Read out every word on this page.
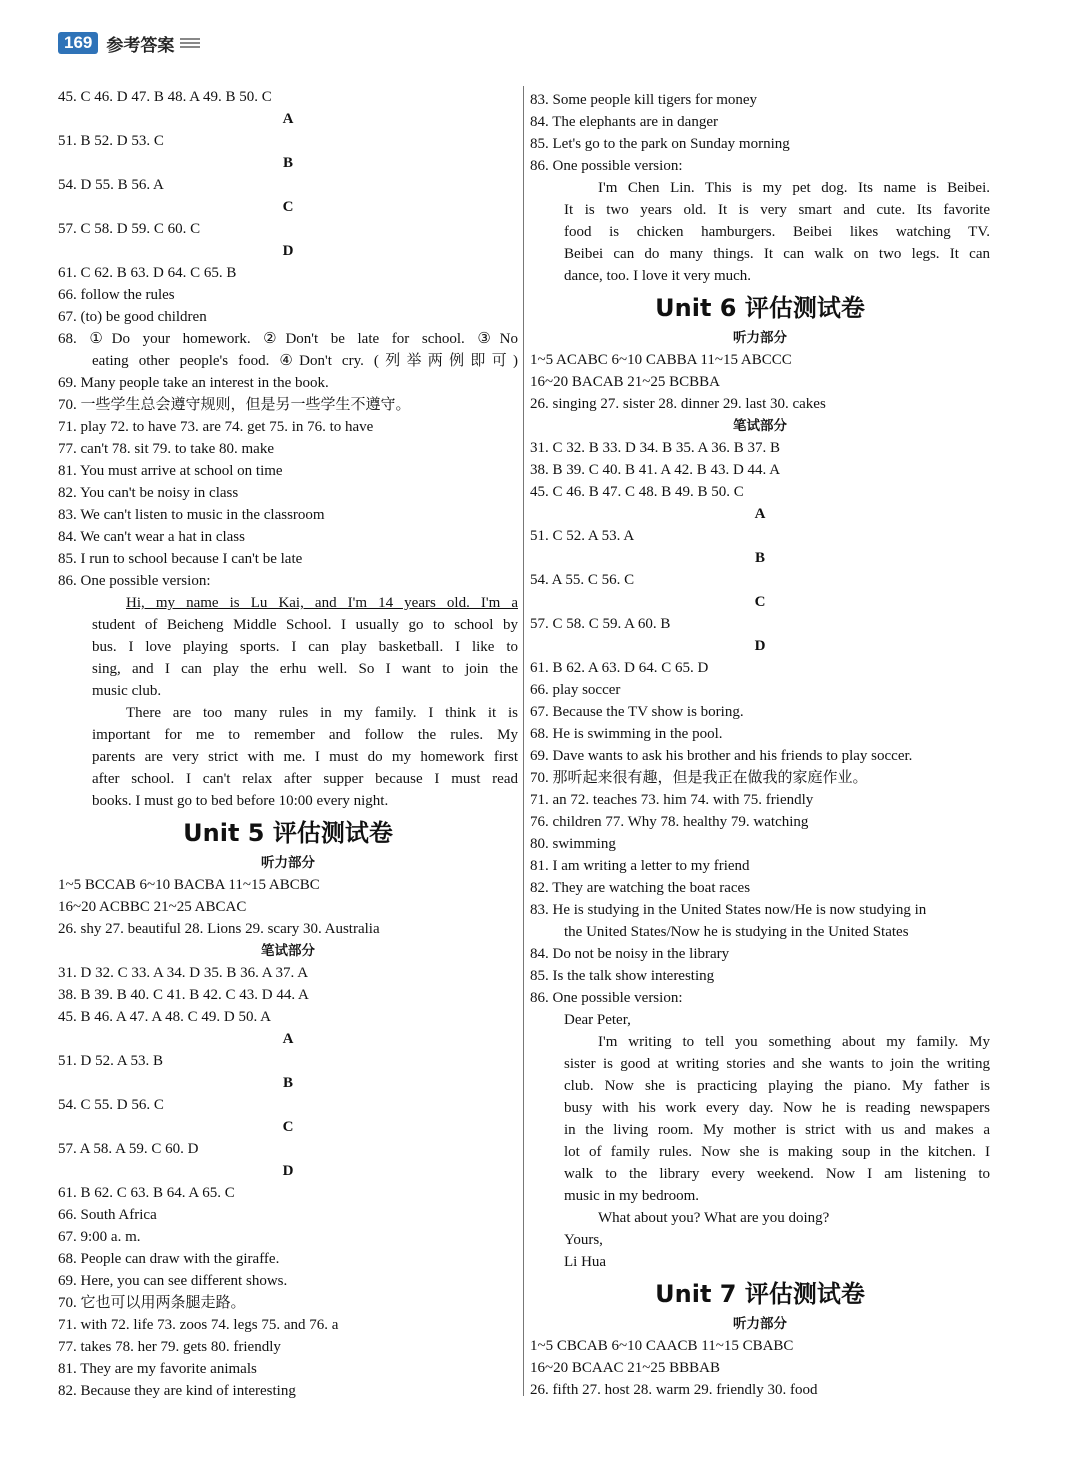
169 参考答案
45. C 46. D 47. B 48. A 49. B 50. C
A
51. B 52. D 53. C
B
54. D 55. B 56. A
C
57. C 58. D 59. C 60. C
D
61. C 62. B 63. D 64. C 65. B
66. follow the rules
67. (to) be good children
68. ①Do your homework. ②Don't be late for school. ③No
eating other people's food. ④Don't cry. (列举两例即可)
69. Many people take an interest in the book.
70. 一些学生总会遵守规则，但是另一些学生不遵守。
71. play 72. to have 73. are 74. get 75. in 76. to have
77. can't 78. sit 79. to take 80. make
81. You must arrive at school on time
82. You can't be noisy in class
83. We can't listen to music in the classroom
84. We can't wear a hat in class
85. I run to school because I can't be late
86. One possible version:
Hi, my name is Lu Kai, and I'm 14 years old. I'm a
student of Beicheng Middle School. I usually go to school by
bus. I love playing sports. I can play basketball. I like to
sing, and I can play the erhu well. So I want to join the
music club.
There are too many rules in my family. I think it is
important for me to remember and follow the rules. My
parents are very strict with me. I must do my homework first
after school. I can't relax after supper because I must read
books. I must go to bed before 10:00 every night.
Unit 5 评估测试卷
听力部分
1~5 BCCAB 6~10 BACBA 11~15 ABCBC
16~20 ACBBC 21~25 ABCAC
26. shy 27. beautiful 28. Lions 29. scary 30. Australia
笔试部分
31. D 32. C 33. A 34. D 35. B 36. A 37. A
38. B 39. B 40. C 41. B 42. C 43. D 44. A
45. B 46. A 47. A 48. C 49. D 50. A
A
51. D 52. A 53. B
B
54. C 55. D 56. C
C
57. A 58. A 59. C 60. D
D
61. B 62. C 63. B 64. A 65. C
66. South Africa
67. 9:00 a. m.
68. People can draw with the giraffe.
69. Here, you can see different shows.
70. 它也可以用两条腿走路。
71. with 72. life 73. zoos 74. legs 75. and 76. a
77. takes 78. her 79. gets 80. friendly
81. They are my favorite animals
82. Because they are kind of interesting
83. Some people kill tigers for money
84. The elephants are in danger
85. Let's go to the park on Sunday morning
86. One possible version:
I'm Chen Lin. This is my pet dog. Its name is Beibei.
It is two years old. It is very smart and cute. Its favorite
food is chicken hamburgers. Beibei likes watching TV.
Beibei can do many things. It can walk on two legs. It can
dance, too. I love it very much.
Unit 6 评估测试卷
听力部分
1~5 ACABC 6~10 CABBA 11~15 ABCCC
16~20 BACAB 21~25 BCBBA
26. singing 27. sister 28. dinner 29. last 30. cakes
笔试部分
31. C 32. B 33. D 34. B 35. A 36. B 37. B
38. B 39. C 40. B 41. A 42. B 43. D 44. A
45. C 46. B 47. C 48. B 49. B 50. C
A
51. C 52. A 53. A
B
54. A 55. C 56. C
C
57. C 58. C 59. A 60. B
D
61. B 62. A 63. D 64. C 65. D
66. play soccer
67. Because the TV show is boring.
68. He is swimming in the pool.
69. Dave wants to ask his brother and his friends to play soccer.
70. 那听起来很有趣，但是我正在做我的家庭作业。
71. an 72. teaches 73. him 74. with 75. friendly
76. children 77. Why 78. healthy 79. watching
80. swimming
81. I am writing a letter to my friend
82. They are watching the boat races
83. He is studying in the United States now/He is now studying in
the United States/Now he is studying in the United States
84. Do not be noisy in the library
85. Is the talk show interesting
86. One possible version:
Dear Peter,
I'm writing to tell you something about my family. My
sister is good at writing stories and she wants to join the writing
club. Now she is practicing playing the piano. My father is
busy with his work every day. Now he is reading newspapers
in the living room. My mother is strict with us and makes a
lot of family rules. Now she is making soup in the kitchen. I
walk to the library every weekend. Now I am listening to
music in my bedroom.
What about you? What are you doing?
Yours,
Li Hua
Unit 7 评估测试卷
听力部分
1~5 CBCAB 6~10 CAACB 11~15 CBABC
16~20 BCAAC 21~25 BBBAB
26. fifth 27. host 28. warm 29. friendly 30. food
